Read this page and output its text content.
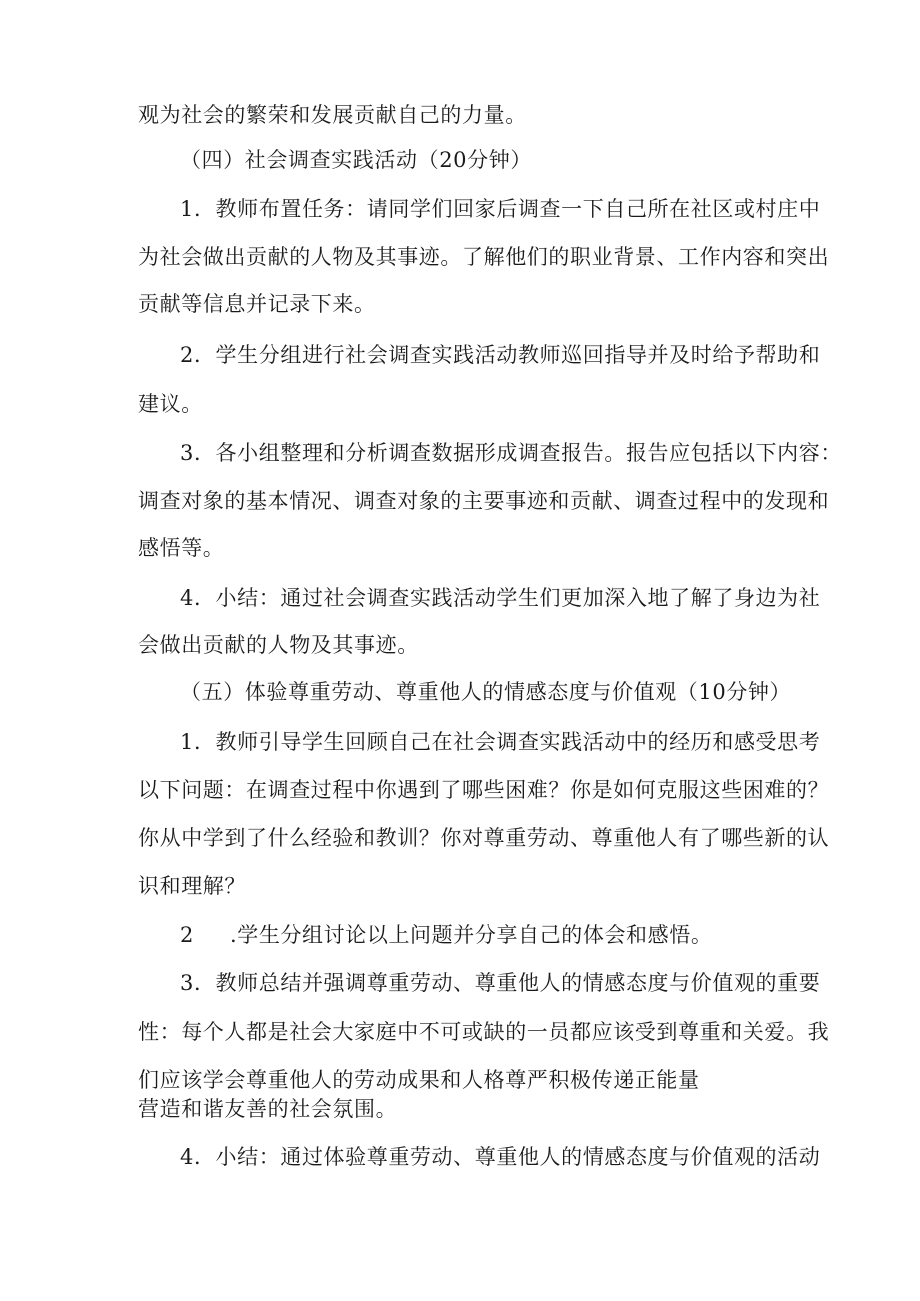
观为社会的繁荣和发展贡献自己的力量。

（四）社会调查实践活动（20分钟）

1．教师布置任务：请同学们回家后调查一下自己所在社区或村庄中

为社会做出贡献的人物及其事迹。了解他们的职业背景、工作内容和突出

贡献等信息并记录下来。

2．学生分组进行社会调查实践活动教师巡回指导并及时给予帮助和

建议。

3．各小组整理和分析调查数据形成调查报告。报告应包括以下内容：

调查对象的基本情况、调查对象的主要事迹和贡献、调查过程中的发现和

感悟等。

4．小结：通过社会调查实践活动学生们更加深入地了解了身边为社

会做出贡献的人物及其事迹。

（五）体验尊重劳动、尊重他人的情感态度与价值观（10分钟）

1．教师引导学生回顾自己在社会调查实践活动中的经历和感受思考

以下问题：在调查过程中你遇到了哪些困难？你是如何克服这些困难的？

你从中学到了什么经验和教训？你对尊重劳动、尊重他人有了哪些新的认

识和理解？

2 .学生分组讨论以上问题并分享自己的体会和感悟。

3．教师总结并强调尊重劳动、尊重他人的情感态度与价值观的重要

性：每个人都是社会大家庭中不可或缺的一员都应该受到尊重和关爱。我

们应该学会尊重他人的劳动成果和人格尊严积极传递正能量

营造和谐友善的社会氛围。

4．小结：通过体验尊重劳动、尊重他人的情感态度与价值观的活动
